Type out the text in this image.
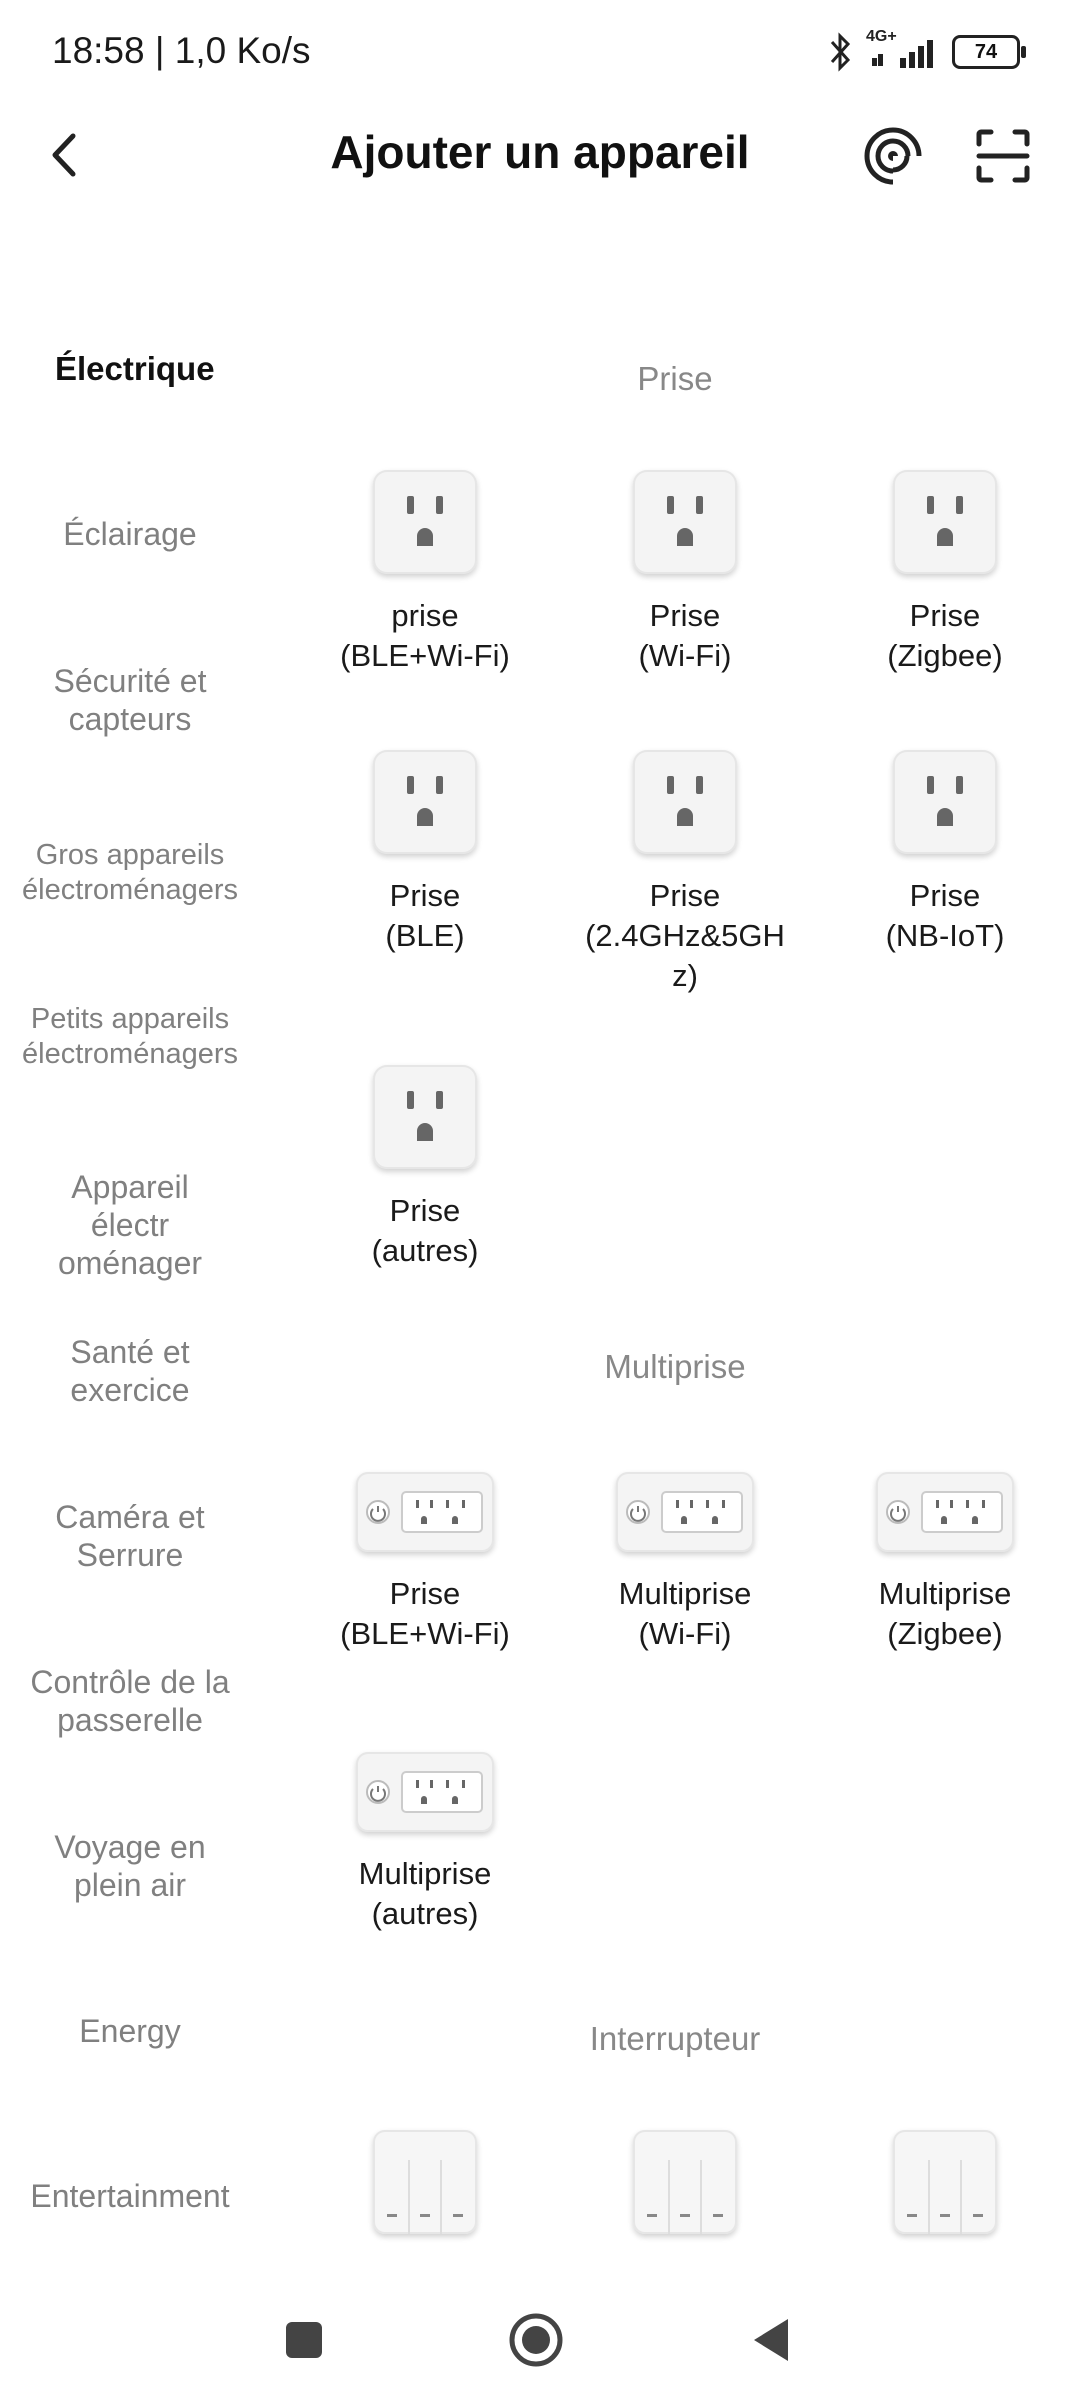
18:58 | 1,0 Ko/s	4G+
74
Ajouter un appareil
Électrique
Éclairage
Sécurité et capteurs
Gros appareils électroménagers
Petits appareils électroménagers
Appareil électr oménager
Santé et exercice
Caméra et Serrure
Contrôle de la passerelle
Voyage en plein air
Energy
Entertainment
Prise
prise
(BLE+Wi-Fi)
Prise
(Wi-Fi)
Prise
(Zigbee)
Prise
(BLE)
Prise
(2.4GHz&5GH
z)
Prise
(NB-IoT)
Prise
(autres)
Multiprise
Prise
(BLE+Wi-Fi)
Multiprise
(Wi-Fi)
Multiprise
(Zigbee)
Multiprise
(autres)
Interrupteur
